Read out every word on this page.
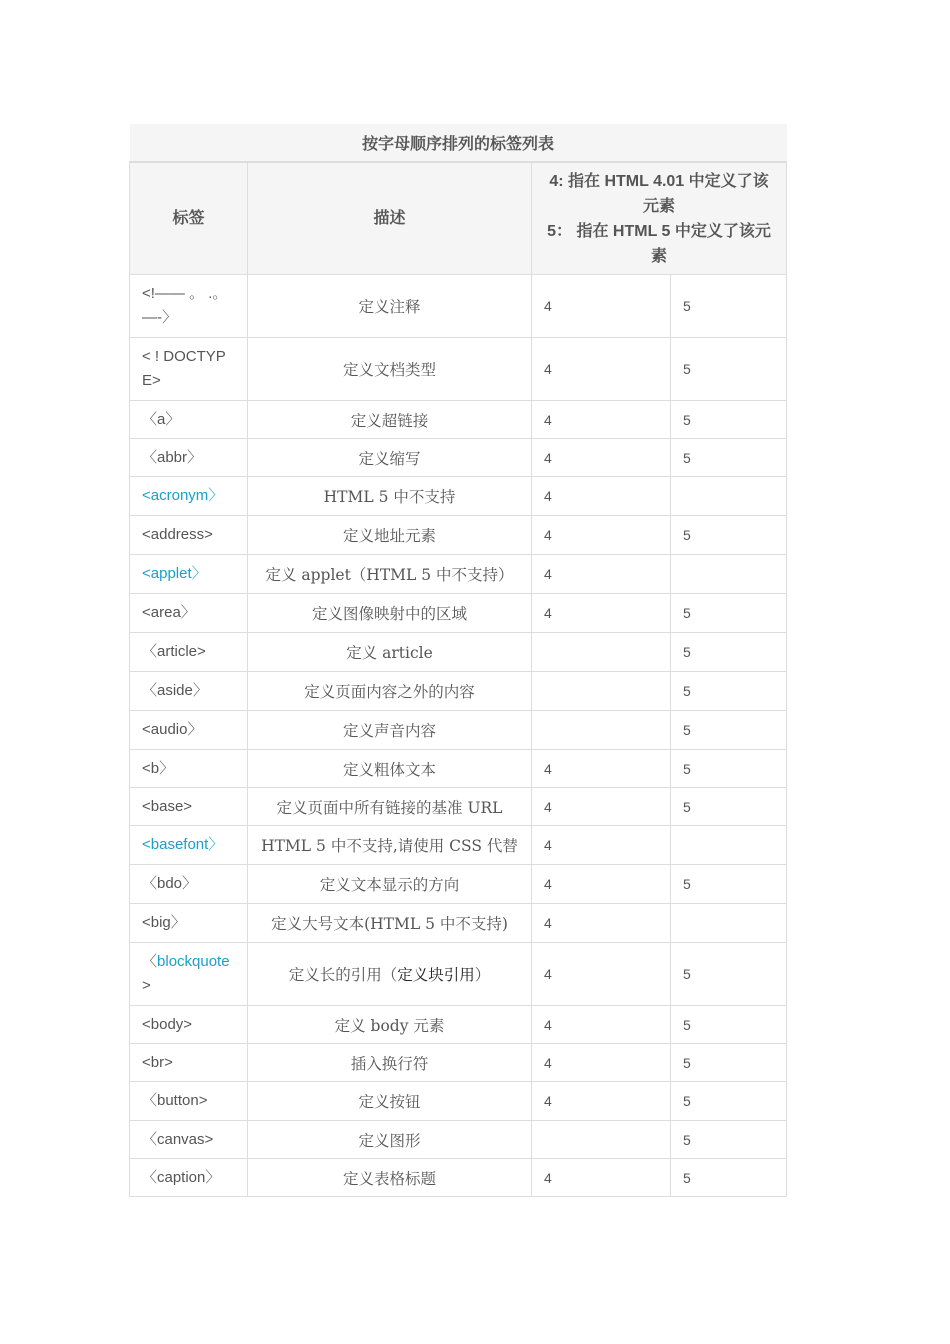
按字母顺序排列的标签列表			
标签	描述	4: 指在 HTML 4.01 中定义了该元素
5： 指在 HTML 5 中定义了该元素	

<!—— 。 .。—-〉	定义注释	4	5
< ! DOCTYPE>	定义文档类型	4	5
〈a〉	定义超链接	4	5
〈abbr〉	定义缩写	4	5
<acronym〉	HTML 5 中不支持	4	
<address>	定义地址元素	4	5
<applet〉	定义 applet（HTML 5 中不支持）	4	
<area〉	定义图像映射中的区域	4	5
〈article>	定义 article		5
〈aside〉	定义页面内容之外的内容		5
<audio〉	定义声音内容		5
<b〉	定义粗体文本	4	5
<base>	定义页面中所有链接的基准 URL	4	5
<basefont〉	HTML 5 中不支持,请使用 CSS 代替	4	
〈bdo〉	定义文本显示的方向	4	5
<big〉	定义大号文本(HTML 5 中不支持)	4	
〈blockquote
>	定义长的引用（定义块引用）	4	5
<body>	定义 body 元素	4	5
<br>	插入换行符	4	5
〈button>	定义按钮	4	5
〈canvas>	定义图形		5
〈caption〉	定义表格标题	4	5
